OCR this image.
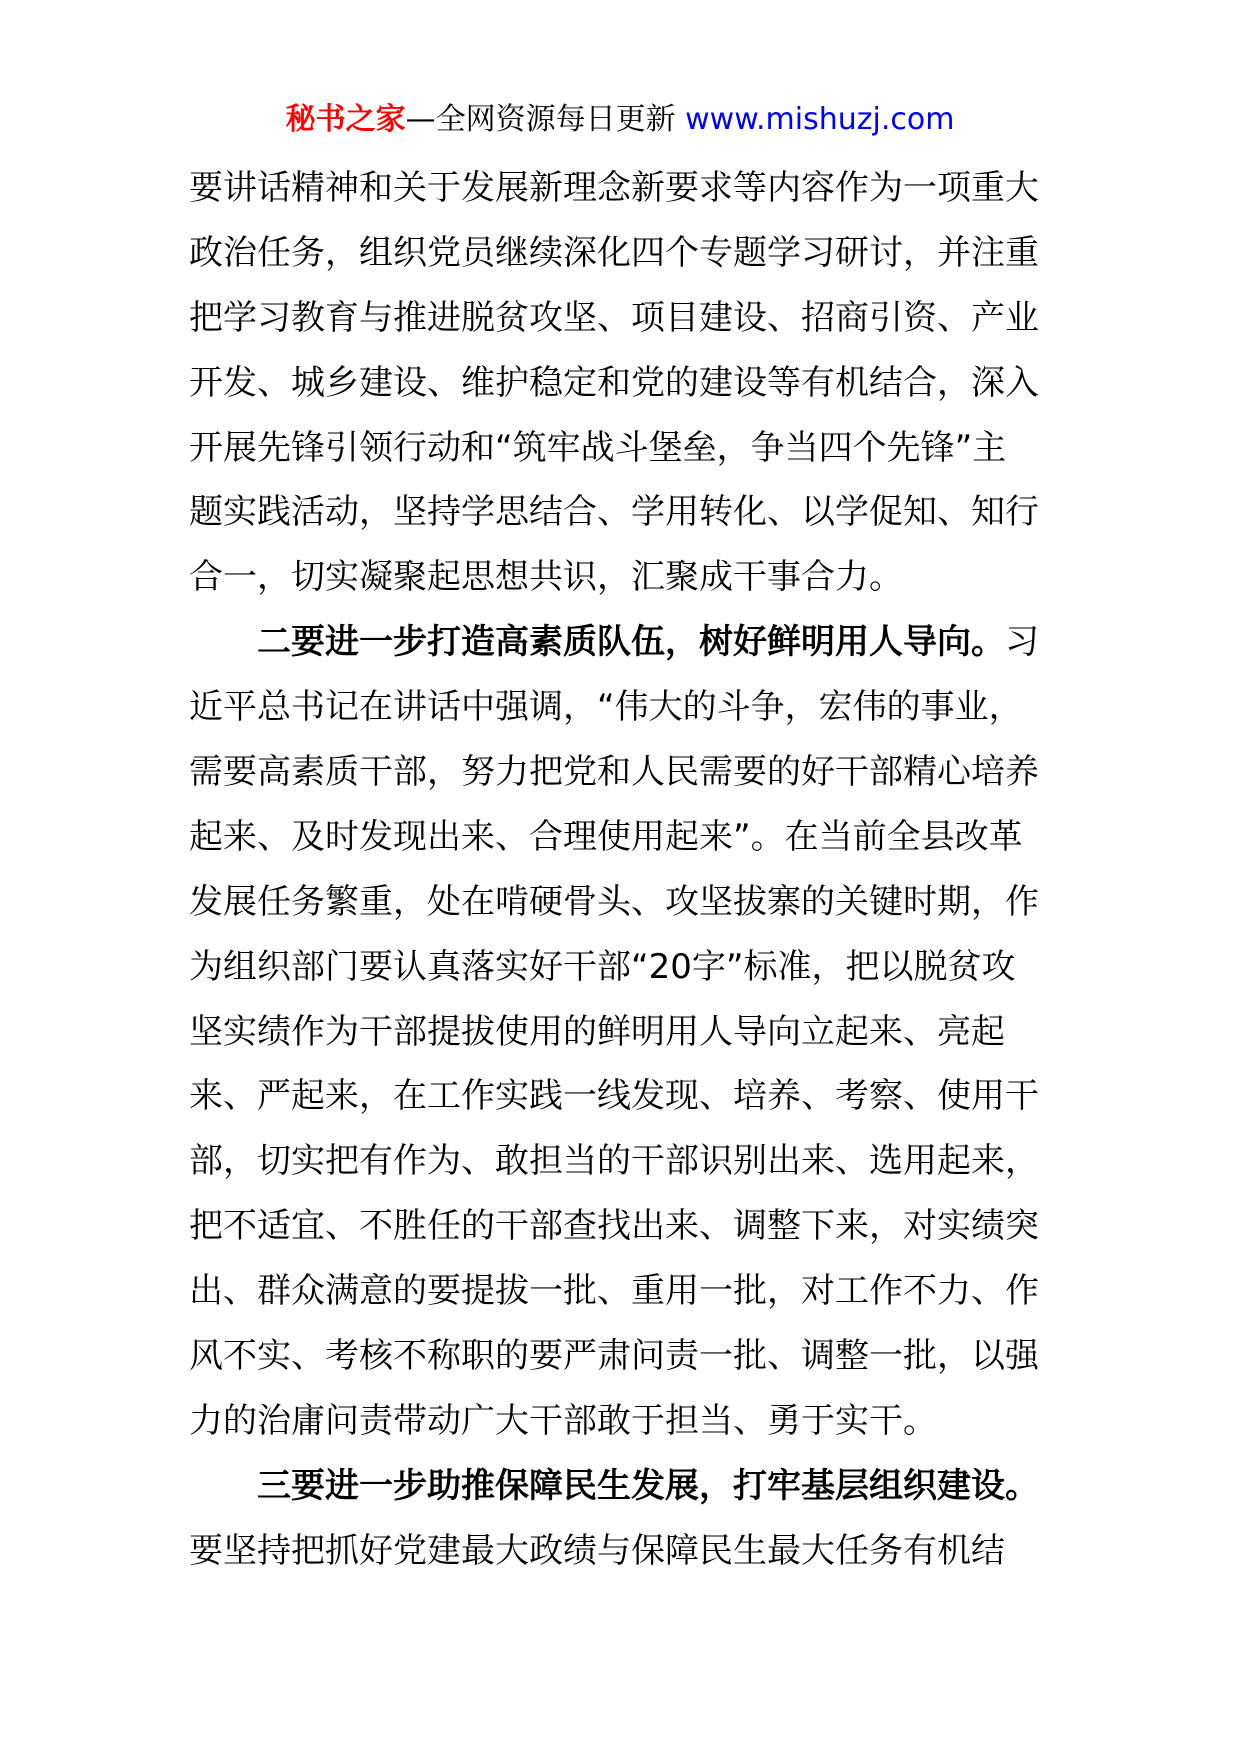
秘书之家—全网资源每日更新 www.mishuzj.com
要讲话精神和关于发展新理念新要求等内容作为一项重大
政治任务，组织党员继续深化四个专题学习研讨，并注重
把学习教育与推进脱贫攻坚、项目建设、招商引资、产业
开发、城乡建设、维护稳定和党的建设等有机结合，深入
开展先锋引领行动和“筑牢战斗堡垒，争当四个先锋”主
题实践活动，坚持学思结合、学用转化、以学促知、知行
合一，切实凝聚起思想共识，汇聚成干事合力。
二要进一步打造高素质队伍，树好鲜明用人导向。习
近平总书记在讲话中强调，“伟大的斗争，宏伟的事业，
需要高素质干部，努力把党和人民需要的好干部精心培养
起来、及时发现出来、合理使用起来”。在当前全县改革
发展任务繁重，处在啃硬骨头、攻坚拔寨的关键时期，作
为组织部门要认真落实好干部“20字”标准，把以脱贫攻
坚实绩作为干部提拔使用的鲜明用人导向立起来、亮起
来、严起来，在工作实践一线发现、培养、考察、使用干
部，切实把有作为、敢担当的干部识别出来、选用起来，
把不适宜、不胜任的干部查找出来、调整下来，对实绩突
出、群众满意的要提拔一批、重用一批，对工作不力、作
风不实、考核不称职的要严肃问责一批、调整一批，以强
力的治庸问责带动广大干部敢于担当、勇于实干。
三要进一步助推保障民生发展，打牢基层组织建设。
要坚持把抓好党建最大政绩与保障民生最大任务有机结
